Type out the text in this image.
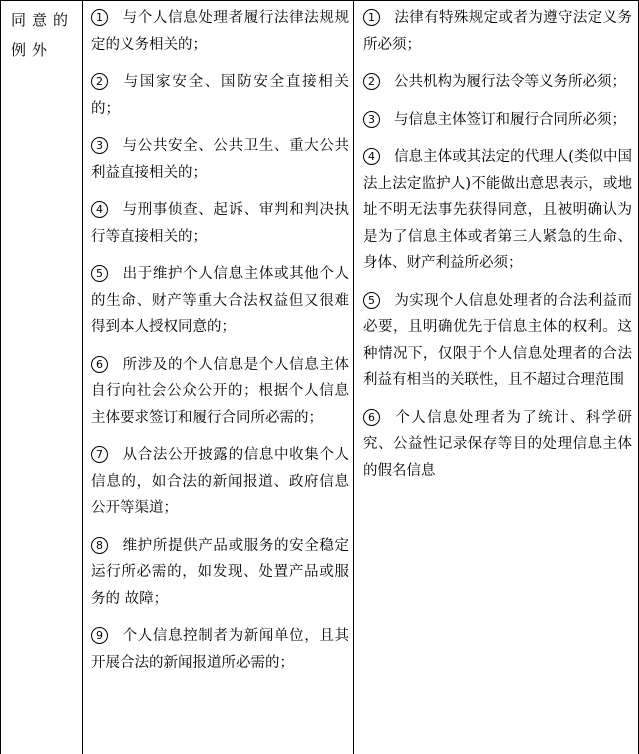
同意的例外
1 与个人信息处理者履行法律法规规定的义务相关的；
2 与国家安全、国防安全直接相关的；
3 与公共安全、公共卫生、重大公共利益直接相关的；
4 与刑事侦查、起诉、审判和判决执行等直接相关的；
5 出于维护个人信息主体或其他个人的生命、财产等重大合法权益但又很难得到本人授权同意的；
6 所涉及的个人信息是个人信息主体自行向社会公众公开的；根据个人信息主体要求签订和履行合同所必需的；
7 从合法公开披露的信息中收集个人信息的，如合法的新闻报道、政府信息公开等渠道；
8 维护所提供产品或服务的安全稳定运行所必需的，如发现、处置产品或服务的 故障；
9 个人信息控制者为新闻单位，且其开展合法的新闻报道所必需的；
1 法律有特殊规定或者为遵守法定义务所必须；
2 公共机构为履行法令等义务所必须；
3 与信息主体签订和履行合同所必须；
4 信息主体或其法定的代理人(类似中国法上法定监护人)不能做出意思表示，或地址不明无法事先获得同意，且被明确认为是为了信息主体或者第三人紧急的生命、身体、财产利益所必须；
5 为实现个人信息处理者的合法利益而必要，且明确优先于信息主体的权利。这种情况下，仅限于个人信息处理者的合法利益有相当的关联性，且不超过合理范围
6 个人信息处理者为了统计、科学研究、公益性记录保存等目的处理信息主体的假名信息
